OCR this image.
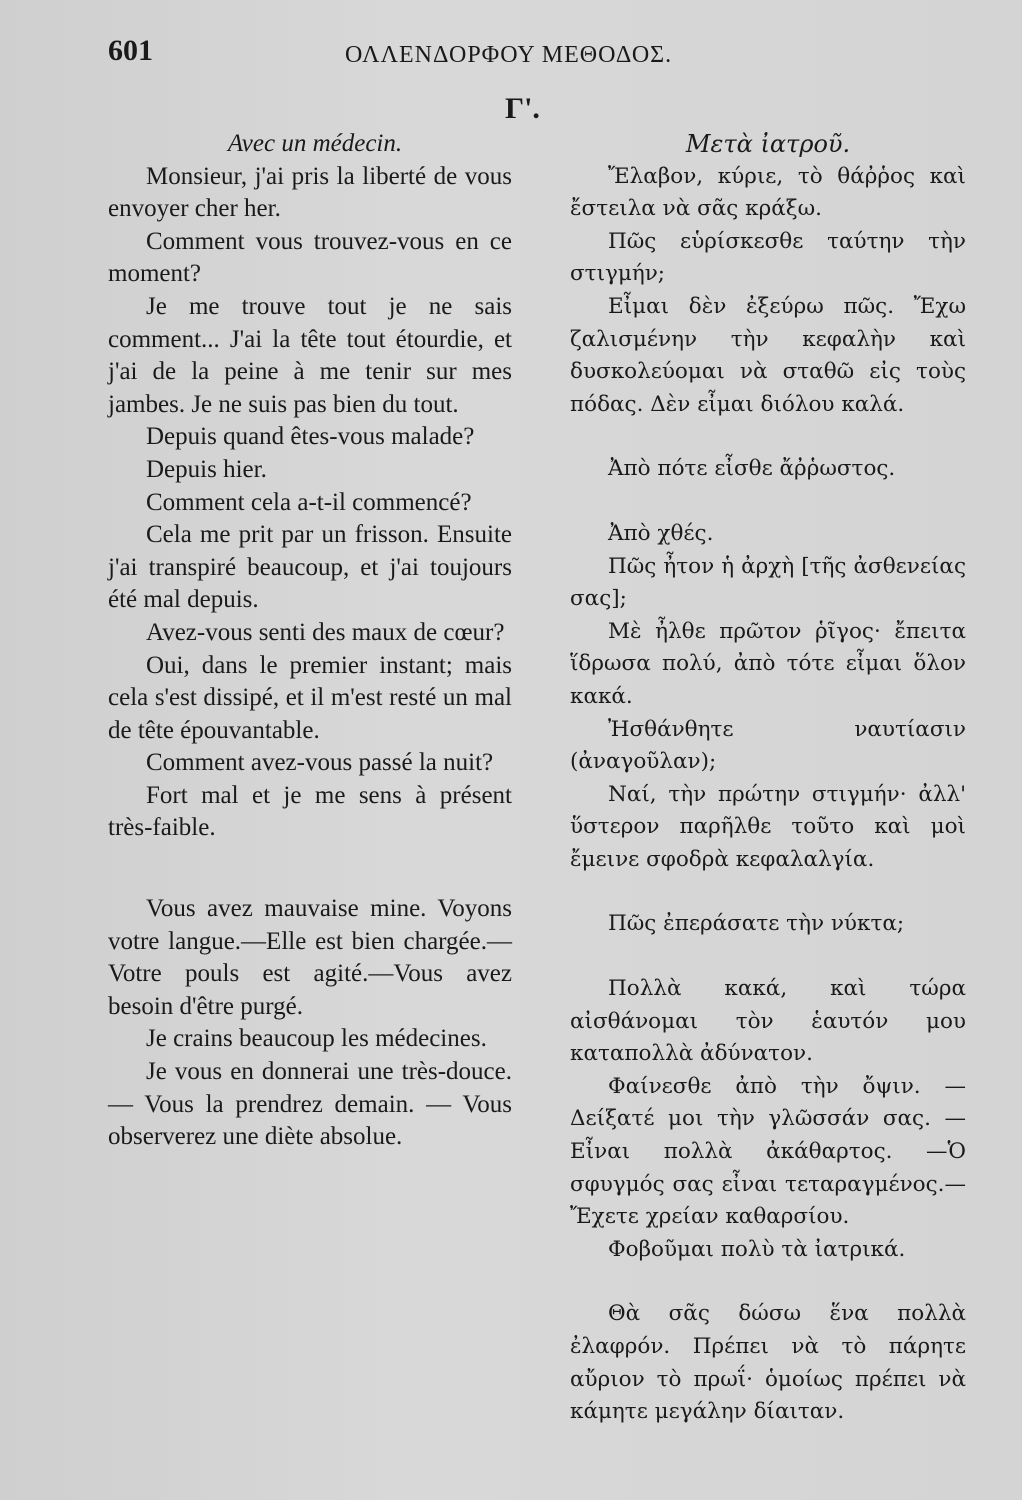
601	ΟΛΛΕΝΔΟΡΦΟΥ ΜΕΘΟΔΟΣ.
Γ'.

Avec un médecin.

Monsieur, j'ai pris la liberté de vous envoyer cher her.

Comment vous trouvez-vous en ce moment?

Je me trouve tout je ne sais comment... J'ai la tête tout étourdie, et j'ai de la peine à me tenir sur mes jambes. Je ne suis pas bien du tout.

Depuis quand êtes-vous malade?

Depuis hier.

Comment cela a-t-il commencé?

Cela me prit par un frisson. Ensuite j'ai transpiré beaucoup, et j'ai toujours été mal depuis.

Avez-vous senti des maux de cœur?

Oui, dans le premier instant; mais cela s'est dissipé, et il m'est resté un mal de tête épouvantable.

Comment avez-vous passé la nuit?

Fort mal et je me sens à présent très-faible.

Vous avez mauvaise mine. Voyons votre langue.—Elle est bien chargée.—Votre pouls est agité.—Vous avez besoin d'être purgé.

Je crains beaucoup les médecines.

Je vous en donnerai une très-douce.— Vous la prendrez demain. — Vous observerez une diète absolue.

Μετὰ ἰατροῦ.

Ἔλαβον, κύριε, τὸ θάῤῥος καὶ ἔστειλα νὰ σᾶς κράξω.

Πῶς εὑρίσκεσθε ταύτην τὴν στιγμήν;

Εἶμαι δὲν ἐξεύρω πῶς. Ἔχω ζαλισμένην τὴν κεφαλὴν καὶ δυσκολεύομαι νὰ σταθῶ εἰς τοὺς πόδας. Δὲν εἶμαι διόλου καλά.

Ἀπὸ πότε εἶσθε ἄῤῥωστος.

Ἀπὸ χθές.

Πῶς ἦτον ἡ ἀρχὴ [τῆς ἀσθενείας σας];

Μὲ ἦλθε πρῶτον ῥῖγος· ἔπειτα ἵδρωσα πολύ, ἀπὸ τότε εἶμαι ὅλον κακά.

Ἠσθάνθητε ναυτίασιν (ἀναγοῦλαν);

Ναί, τὴν πρώτην στιγμήν· ἀλλ' ὕστερον παρῆλθε τοῦτο καὶ μοὶ ἔμεινε σφοδρὰ κεφαλαλγία.

Πῶς ἐπεράσατε τὴν νύκτα;

Πολλὰ κακά, καὶ τώρα αἰσθάνομαι τὸν ἑαυτόν μου καταπολλὰ ἀδύνατον.

Φαίνεσθε ἀπὸ τὴν ὄψιν. — Δείξατέ μοι τὴν γλῶσσάν σας. — Εἶναι πολλὰ ἀκάθαρτος. —Ὁ σφυγμός σας εἶναι τεταραγμένος.— Ἔχετε χρείαν καθαρσίου.

Φοβοῦμαι πολὺ τὰ ἰατρικά.

Θὰ σᾶς δώσω ἕνα πολλὰ ἐλαφρόν. Πρέπει νὰ τὸ πάρητε αὔριον τὸ πρωΐ· ὁμοίως πρέπει νὰ κάμητε μεγάλην δίαιταν.
